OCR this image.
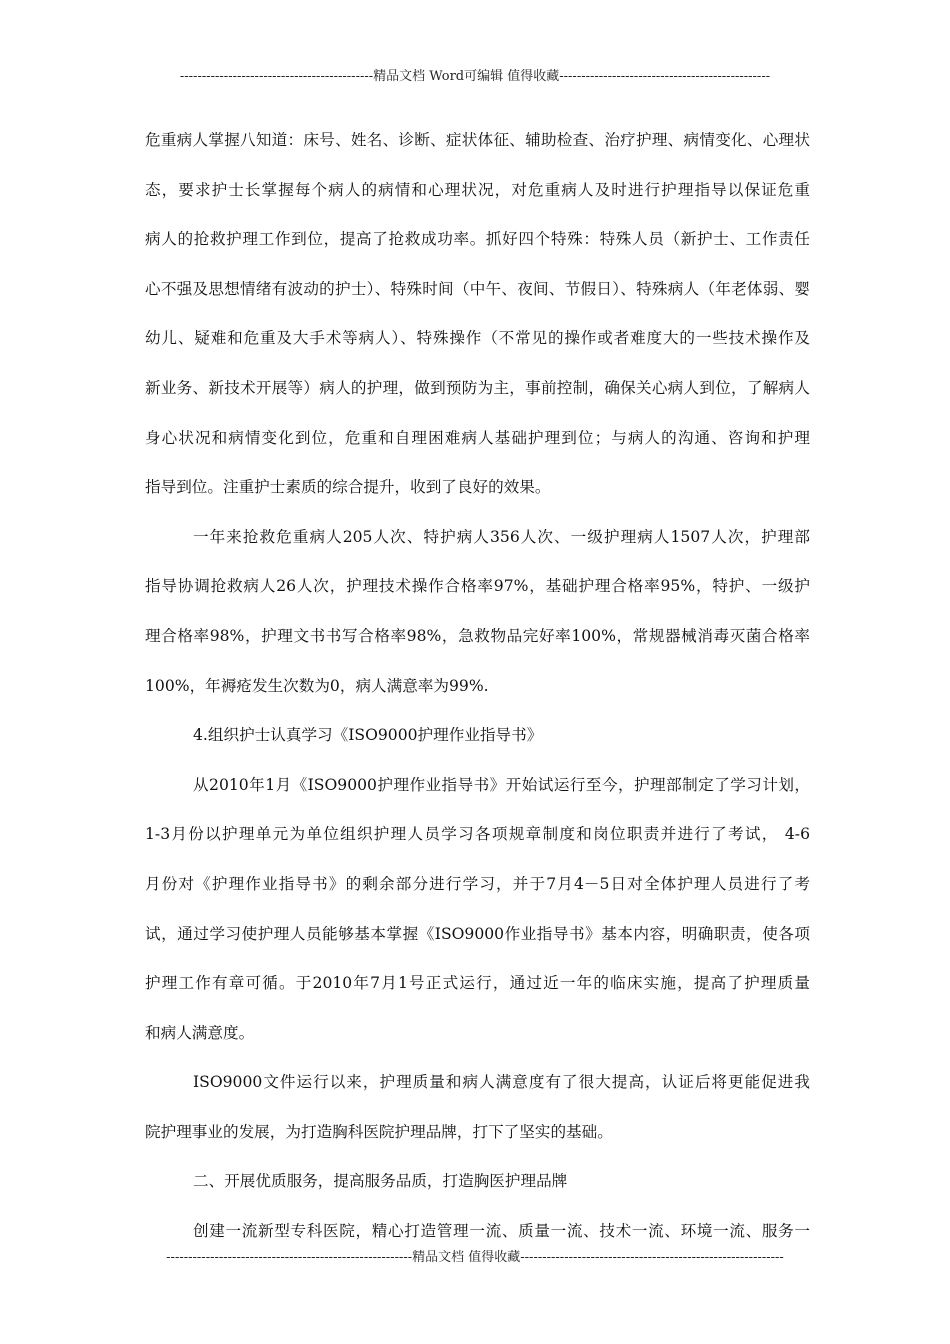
--------------------------------------------精品文档 Word可编辑 值得收藏------------------------------------------------
危重病人掌握八知道：床号、姓名、诊断、症状体征、辅助检查、治疗护理、病情变化、心理状
态，要求护士长掌握每个病人的病情和心理状况，对危重病人及时进行护理指导以保证危重
病人的抢救护理工作到位，提高了抢救成功率。抓好四个特殊：特殊人员（新护士、工作责任
心不强及思想情绪有波动的护士）、特殊时间（中午、夜间、节假日）、特殊病人（年老体弱、婴
幼儿、疑难和危重及大手术等病人）、特殊操作（不常见的操作或者难度大的一些技术操作及
新业务、新技术开展等）病人的护理，做到预防为主，事前控制，确保关心病人到位，了解病人
身心状况和病情变化到位，危重和自理困难病人基础护理到位；与病人的沟通、咨询和护理
指导到位。注重护士素质的综合提升，收到了良好的效果。
一年来抢救危重病人205人次、特护病人356人次、一级护理病人1507人次，护理部
指导协调抢救病人26人次，护理技术操作合格率97%，基础护理合格率95%，特护、一级护
理合格率98%，护理文书书写合格率98%，急救物品完好率100%，常规器械消毒灭菌合格率
100%，年褥疮发生次数为0，病人满意率为99%.
4.组织护士认真学习《ISO9000护理作业指导书》
从2010年1月《ISO9000护理作业指导书》开始试运行至今，护理部制定了学习计划，
1-3月份以护理单元为单位组织护理人员学习各项规章制度和岗位职责并进行了考试， 4-6
月份对《护理作业指导书》的剩余部分进行学习，并于7月4－5日对全体护理人员进行了考
试，通过学习使护理人员能够基本掌握《ISO9000作业指导书》基本内容，明确职责，使各项
护理工作有章可循。于2010年7月1号正式运行，通过近一年的临床实施，提高了护理质量
和病人满意度。
ISO9000文件运行以来，护理质量和病人满意度有了很大提高，认证后将更能促进我
院护理事业的发展，为打造胸科医院护理品牌，打下了坚实的基础。
二、开展优质服务，提高服务品质，打造胸医护理品牌
创建一流新型专科医院，精心打造管理一流、质量一流、技术一流、环境一流、服务一
--------------------------------------------------------精品文档 值得收藏------------------------------------------------------------
